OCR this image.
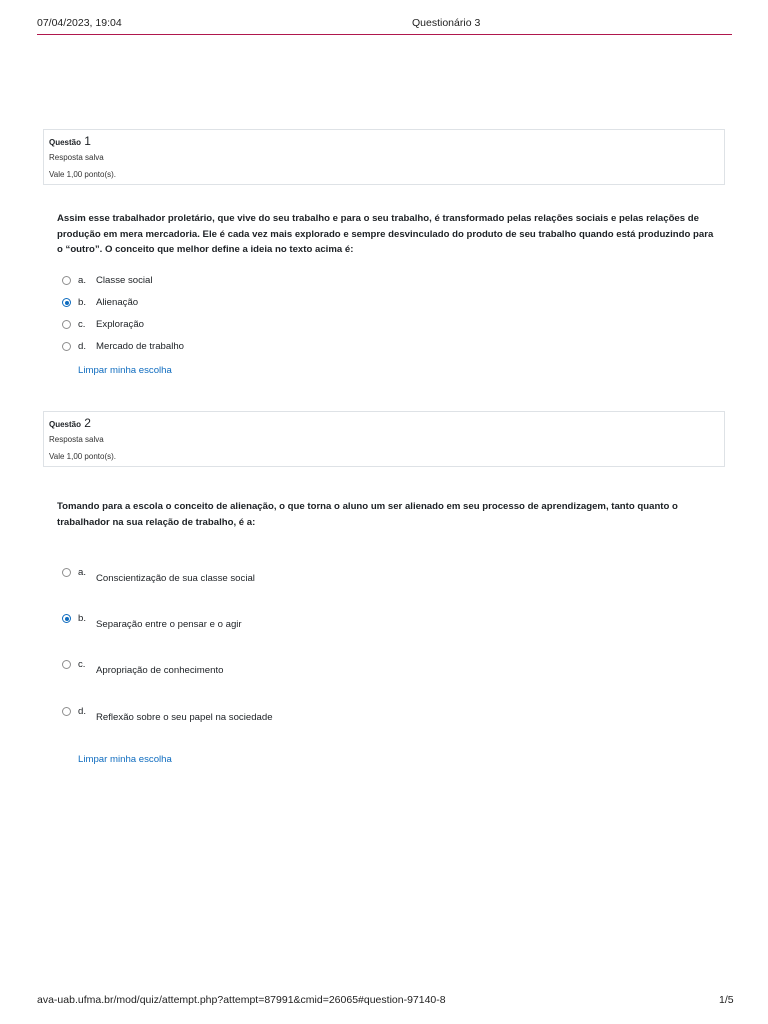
07/04/2023, 19:04	Questionário 3
Questão 1
Resposta salva
Vale 1,00 ponto(s).
Assim esse trabalhador proletário, que vive do seu trabalho e para o seu trabalho, é transformado pelas relações sociais e pelas relações de produção em mera mercadoria. Ele é cada vez mais explorado e sempre desvinculado do produto de seu trabalho quando está produzindo para o “outro”. O conceito que melhor define a ideia no texto acima é:
a. Classe social
b. Alienação
c. Exploração
d. Mercado de trabalho
Limpar minha escolha
Questão 2
Resposta salva
Vale 1,00 ponto(s).
Tomando para a escola o conceito de alienação, o que torna o aluno um ser alienado em seu processo de aprendizagem, tanto quanto o trabalhador na sua relação de trabalho, é a:
a.
Conscientização de sua classe social
b.
Separação entre o pensar e o agir
c.
Apropriação de conhecimento
d.
Reflexão sobre o seu papel na sociedade
Limpar minha escolha
ava-uab.ufma.br/mod/quiz/attempt.php?attempt=87991&cmid=26065#question-97140-8	1/5
